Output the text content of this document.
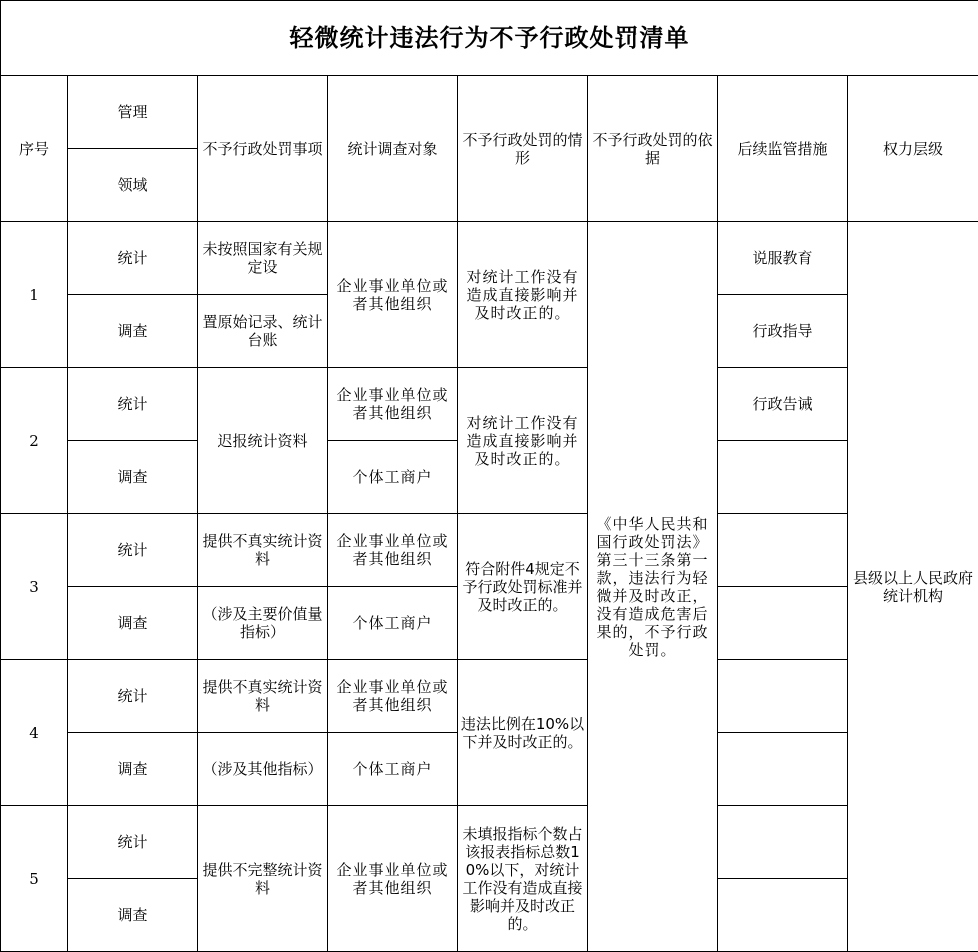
轻微统计违法行为不予行政处罚清单							
序号	管理	不予行政处罚事项	统计调查对象	不予行政处罚的情形	不予行政处罚的依据	后续监管措施	权力层级
	领域						
1	统计	未按照国家有关规定设	企业事业单位或者其他组织	对统计工作没有造成直接影响并及时改正的。	《中华人民共和国行政处罚法》第三十三条第一款，违法行为轻微并及时改正，没有造成危害后果的，不予行政处罚。	说服教育	县级以上人民政府统计机构
	调查	置原始记录、统计台账				行政指导	
2	统计	迟报统计资料	企业事业单位或者其他组织	对统计工作没有造成直接影响并及时改正的。		行政告诫	
	调查		个体工商户				
3	统计	提供不真实统计资料	企业事业单位或者其他组织	符合附件4规定不予行政处罚标准并及时改正的。			
	调查	（涉及主要价值量指标）	个体工商户				
4	统计	提供不真实统计资料	企业事业单位或者其他组织	违法比例在10%以下并及时改正的。			
	调查	（涉及其他指标）	个体工商户				
5	统计	提供不完整统计资料	企业事业单位或者其他组织	未填报指标个数占该报表指标总数10%以下，对统计工作没有造成直接影响并及时改正的。			
	调查						
